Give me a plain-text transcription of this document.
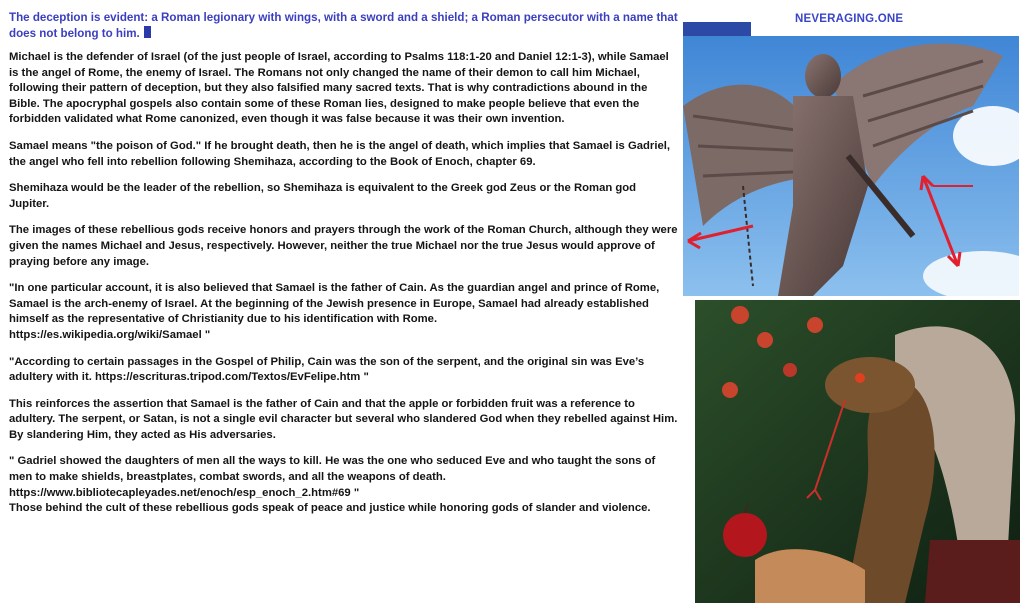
The deception is evident: a Roman legionary with wings, with a sword and a shield; a Roman persecutor with a name that does not belong to him.
Michael is the defender of Israel (of the just people of Israel, according to Psalms 118:1-20 and Daniel 12:1-3), while Samael is the angel of Rome, the enemy of Israel. The Romans not only changed the name of their demon to call him Michael, following their pattern of deception, but they also falsified many sacred texts. That is why contradictions abound in the Bible. The apocryphal gospels also contain some of these Roman lies, designed to make people believe that even the forbidden validated what Rome canonized, even though it was false because it was their own invention.
Samael means "the poison of God." If he brought death, then he is the angel of death, which implies that Samael is Gadriel, the angel who fell into rebellion following Shemihaza, according to the Book of Enoch, chapter 69.
Shemihaza would be the leader of the rebellion, so Shemihaza is equivalent to the Greek god Zeus or the Roman god Jupiter.
The images of these rebellious gods receive honors and prayers through the work of the Roman Church, although they were given the names Michael and Jesus, respectively. However, neither the true Michael nor the true Jesus would approve of praying before any image.
"In one particular account, it is also believed that Samael is the father of Cain. As the guardian angel and prince of Rome, Samael is the arch-enemy of Israel. At the beginning of the Jewish presence in Europe, Samael had already established himself as the representative of Christianity due to his identification with Rome.
https://es.wikipedia.org/wiki/Samael "
"According to certain passages in the Gospel of Philip, Cain was the son of the serpent, and the original sin was Eve’s adultery with it. https://escrituras.tripod.com/Textos/EvFelipe.htm "
This reinforces the assertion that Samael is the father of Cain and that the apple or forbidden fruit was a reference to adultery. The serpent, or Satan, is not a single evil character but several who slandered God when they rebelled against Him. By slandering Him, they acted as His adversaries.
" Gadriel showed the daughters of men all the ways to kill. He was the one who seduced Eve and who taught the sons of men to make shields, breastplates, combat swords, and all the weapons of death.
https://www.bibliotecapleyades.net/enoch/esp_enoch_2.htm#69 "
Those behind the cult of these rebellious gods speak of peace and justice while honoring gods of slander and violence.
NEVERAGING.ONE
